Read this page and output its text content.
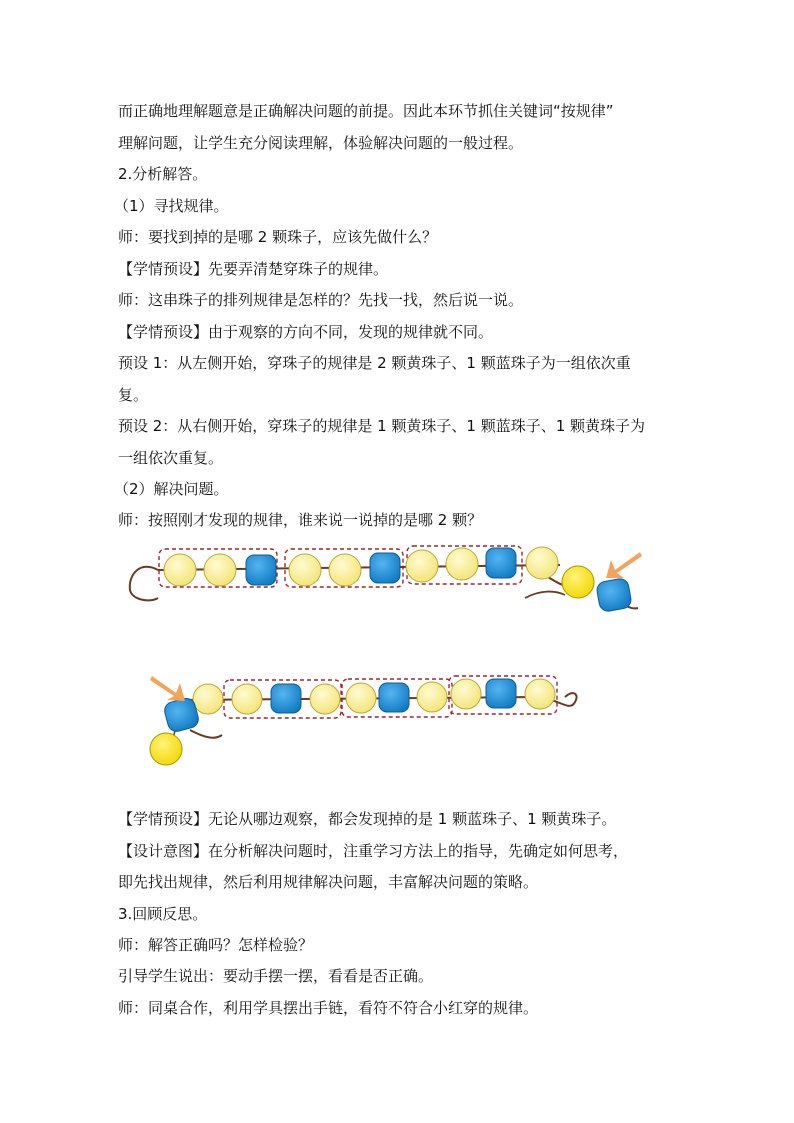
而正确地理解题意是正确解决问题的前提。因此本环节抓住关键词“按规律”
理解问题，让学生充分阅读理解，体验解决问题的一般过程。
2.分析解答。
（1）寻找规律。
师：要找到掉的是哪 2 颗珠子，应该先做什么？
【学情预设】先要弄清楚穿珠子的规律。
师：这串珠子的排列规律是怎样的？先找一找，然后说一说。
【学情预设】由于观察的方向不同，发现的规律就不同。
预设 1：从左侧开始，穿珠子的规律是 2 颗黄珠子、1 颗蓝珠子为一组依次重
复。
预设 2：从右侧开始，穿珠子的规律是 1 颗黄珠子、1 颗蓝珠子、1 颗黄珠子为
一组依次重复。
（2）解决问题。
师：按照刚才发现的规律，谁来说一说掉的是哪 2 颗？
【学情预设】无论从哪边观察，都会发现掉的是 1 颗蓝珠子、1 颗黄珠子。
【设计意图】在分析解决问题时，注重学习方法上的指导，先确定如何思考，
即先找出规律，然后利用规律解决问题，丰富解决问题的策略。
3.回顾反思。
师：解答正确吗？怎样检验？
引导学生说出：要动手摆一摆，看看是否正确。
师：同桌合作，利用学具摆出手链，看符不符合小红穿的规律。
